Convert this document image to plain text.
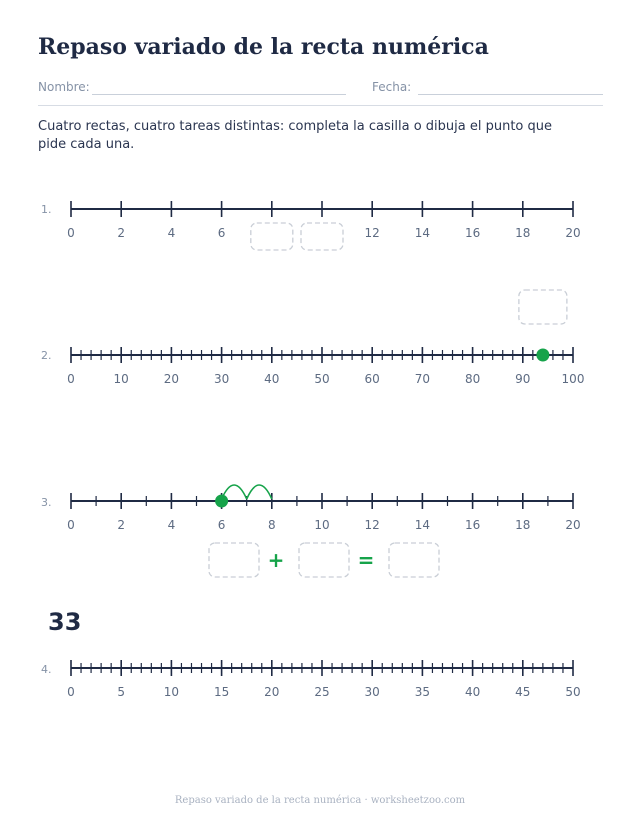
Repaso variado de la recta numérica
Nombre:	Fecha:

Cuatro rectas, cuatro tareas distintas: completa la casilla o dibuja el punto que pide cada una.

1.
2.
3.
4.
33
0	2	4	6	12	14	16	18	20
0	10	20	30	40	50	60	70	80	90	100
0	2	4	6	8	10	12	14	16	18	20
+	=
0	5	10	15	20	25	30	35	40	45	50
Repaso variado de la recta numérica · worksheetzoo.com
